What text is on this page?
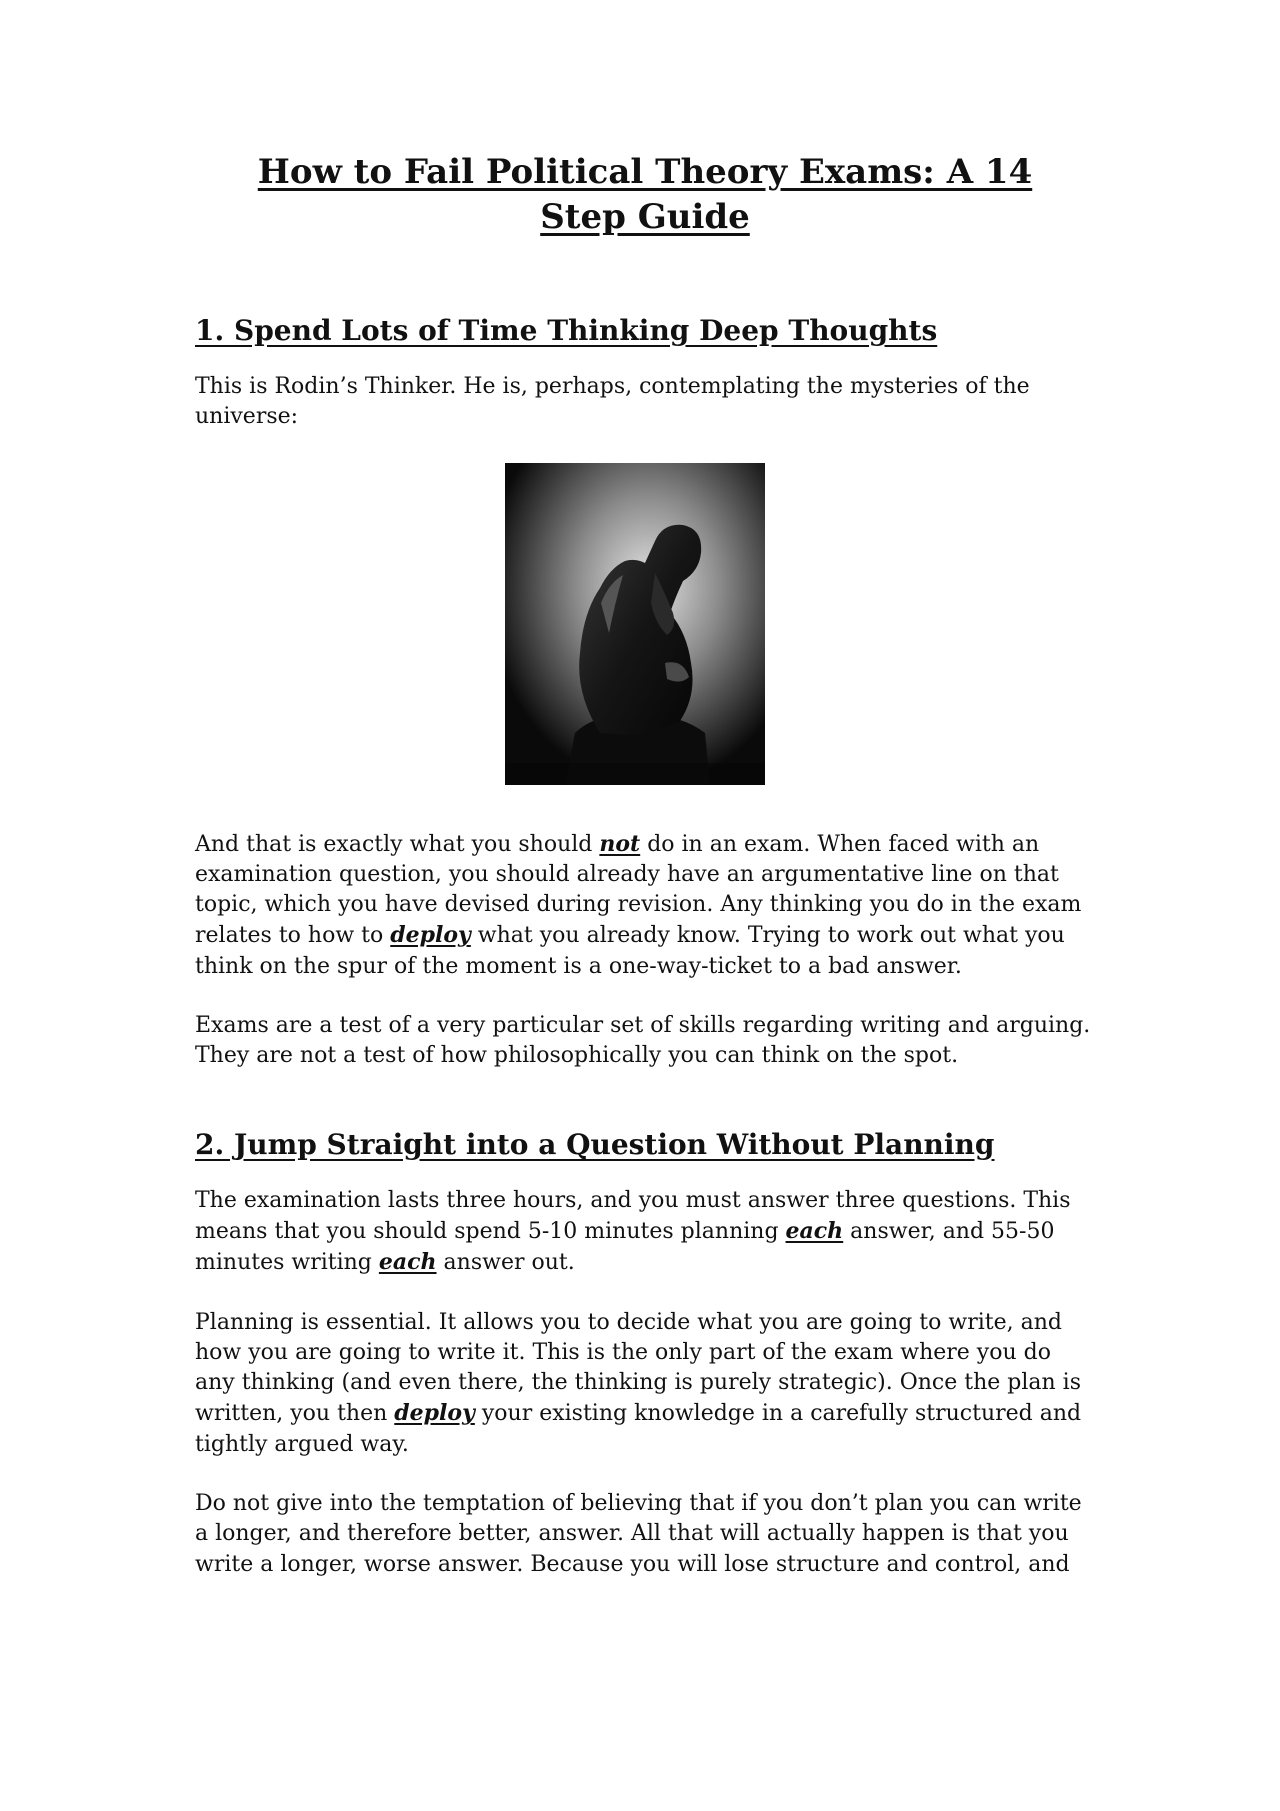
How to Fail Political Theory Exams: A 14 Step Guide
1. Spend Lots of Time Thinking Deep Thoughts

This is Rodin’s Thinker. He is, perhaps, contemplating the mysteries of the universe:

And that is exactly what you should not do in an exam. When faced with an examination question, you should already have an argumentative line on that topic, which you have devised during revision. Any thinking you do in the exam relates to how to deploy what you already know. Trying to work out what you think on the spur of the moment is a one-way-ticket to a bad answer.

Exams are a test of a very particular set of skills regarding writing and arguing. They are not a test of how philosophically you can think on the spot.

2. Jump Straight into a Question Without Planning

The examination lasts three hours, and you must answer three questions. This means that you should spend 5-10 minutes planning each answer, and 55-50 minutes writing each answer out.

Planning is essential. It allows you to decide what you are going to write, and how you are going to write it. This is the only part of the exam where you do any thinking (and even there, the thinking is purely strategic). Once the plan is written, you then deploy your existing knowledge in a carefully structured and tightly argued way.

Do not give into the temptation of believing that if you don’t plan you can write a longer, and therefore better, answer. All that will actually happen is that you write a longer, worse answer. Because you will lose structure and control, and
